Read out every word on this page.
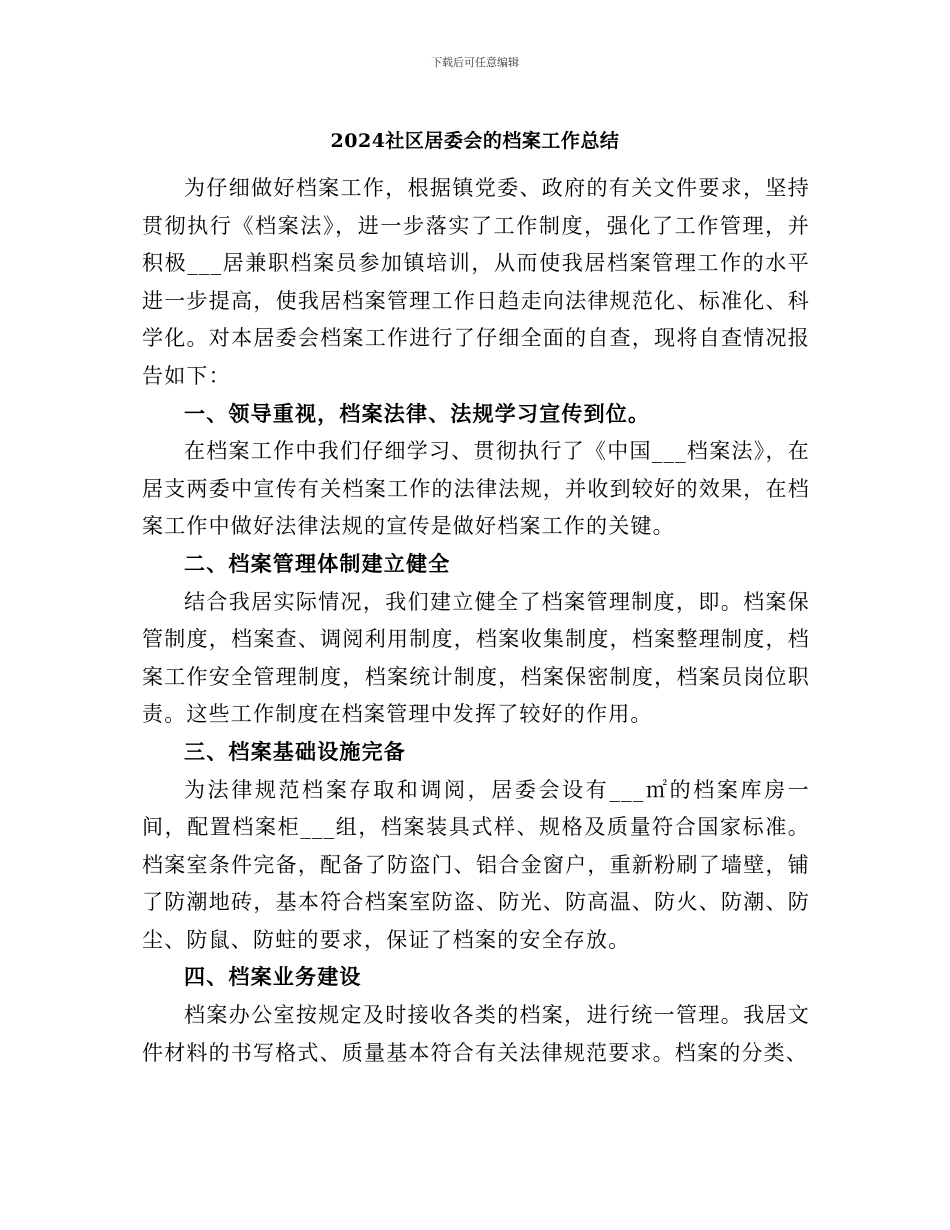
下载后可任意编辑
2024社区居委会的档案工作总结

为仔细做好档案工作，根据镇党委、政府的有关文件要求，坚持贯彻执行《档案法》，进一步落实了工作制度，强化了工作管理，并积极___居兼职档案员参加镇培训，从而使我居档案管理工作的水平进一步提高，使我居档案管理工作日趋走向法律规范化、标准化、科学化。对本居委会档案工作进行了仔细全面的自查，现将自查情况报告如下：

一、领导重视，档案法律、法规学习宣传到位。

在档案工作中我们仔细学习、贯彻执行了《中国___档案法》，在居支两委中宣传有关档案工作的法律法规，并收到较好的效果，在档案工作中做好法律法规的宣传是做好档案工作的关键。

二、档案管理体制建立健全

结合我居实际情况，我们建立健全了档案管理制度，即。档案保管制度，档案查、调阅利用制度，档案收集制度，档案整理制度，档案工作安全管理制度，档案统计制度，档案保密制度，档案员岗位职责。这些工作制度在档案管理中发挥了较好的作用。

三、档案基础设施完备

为法律规范档案存取和调阅，居委会设有___㎡的档案库房一间，配置档案柜___组，档案装具式样、规格及质量符合国家标准。档案室条件完备，配备了防盗门、铝合金窗户，重新粉刷了墙壁，铺了防潮地砖，基本符合档案室防盗、防光、防高温、防火、防潮、防尘、防鼠、防蛀的要求，保证了档案的安全存放。

四、档案业务建设

档案办公室按规定及时接收各类的档案，进行统一管理。我居文件材料的书写格式、质量基本符合有关法律规范要求。档案的分类、
